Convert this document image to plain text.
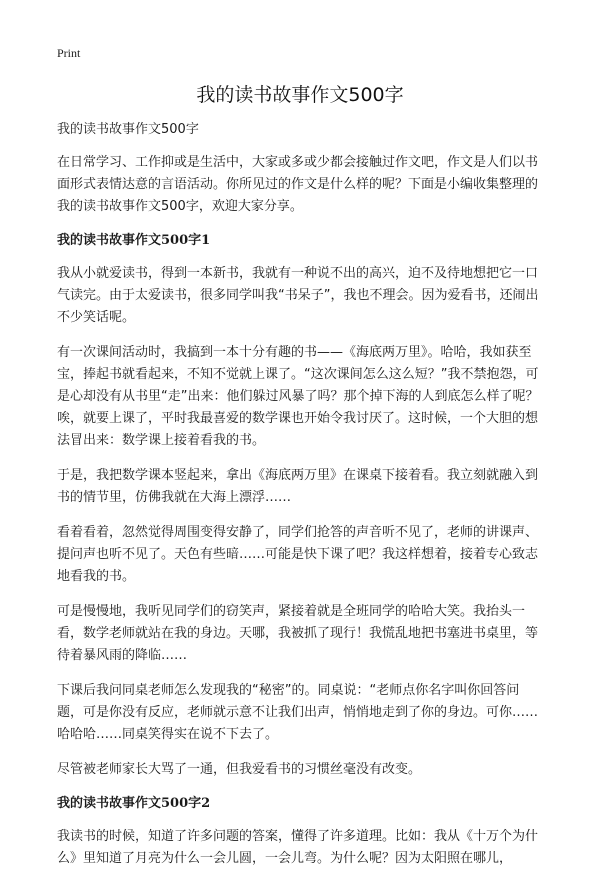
Print
我的读书故事作文500字

我的读书故事作文500字

在日常学习、工作抑或是生活中，大家或多或少都会接触过作文吧，作文是人们以书面形式表情达意的言语活动。你所见过的作文是什么样的呢？下面是小编收集整理的我的读书故事作文500字，欢迎大家分享。

我的读书故事作文500字1

我从小就爱读书，得到一本新书，我就有一种说不出的高兴，迫不及待地想把它一口气读完。由于太爱读书，很多同学叫我“书呆子”，我也不理会。因为爱看书，还闹出不少笑话呢。

有一次课间活动时，我搞到一本十分有趣的书——《海底两万里》。哈哈，我如获至宝，捧起书就看起来，不知不觉就上课了。“这次课间怎么这么短？”我不禁抱怨，可是心却没有从书里“走”出来：他们躲过风暴了吗？那个掉下海的人到底怎么样了呢？唉，就要上课了，平时我最喜爱的数学课也开始令我讨厌了。这时候，一个大胆的想法冒出来：数学课上接着看我的书。

于是，我把数学课本竖起来，拿出《海底两万里》在课桌下接着看。我立刻就融入到书的情节里，仿佛我就在大海上漂浮……

看着看着，忽然觉得周围变得安静了，同学们抢答的声音听不见了，老师的讲课声、提问声也听不见了。天色有些暗……可能是快下课了吧？我这样想着，接着专心致志地看我的书。

可是慢慢地，我听见同学们的窃笑声，紧接着就是全班同学的哈哈大笑。我抬头一看，数学老师就站在我的身边。天哪，我被抓了现行！我慌乱地把书塞进书桌里，等待着暴风雨的降临……

下课后我问同桌老师怎么发现我的“秘密”的。同桌说：“老师点你名字叫你回答问题，可是你没有反应，老师就示意不让我们出声，悄悄地走到了你的身边。可你……哈哈哈……同桌笑得实在说不下去了。

尽管被老师家长大骂了一通，但我爱看书的习惯丝毫没有改变。

我的读书故事作文500字2

我读书的时候，知道了许多问题的答案，懂得了许多道理。比如：我从《十万个为什么》里知道了月亮为什么一会儿圆，一会儿弯。为什么呢？因为太阳照在哪儿，
